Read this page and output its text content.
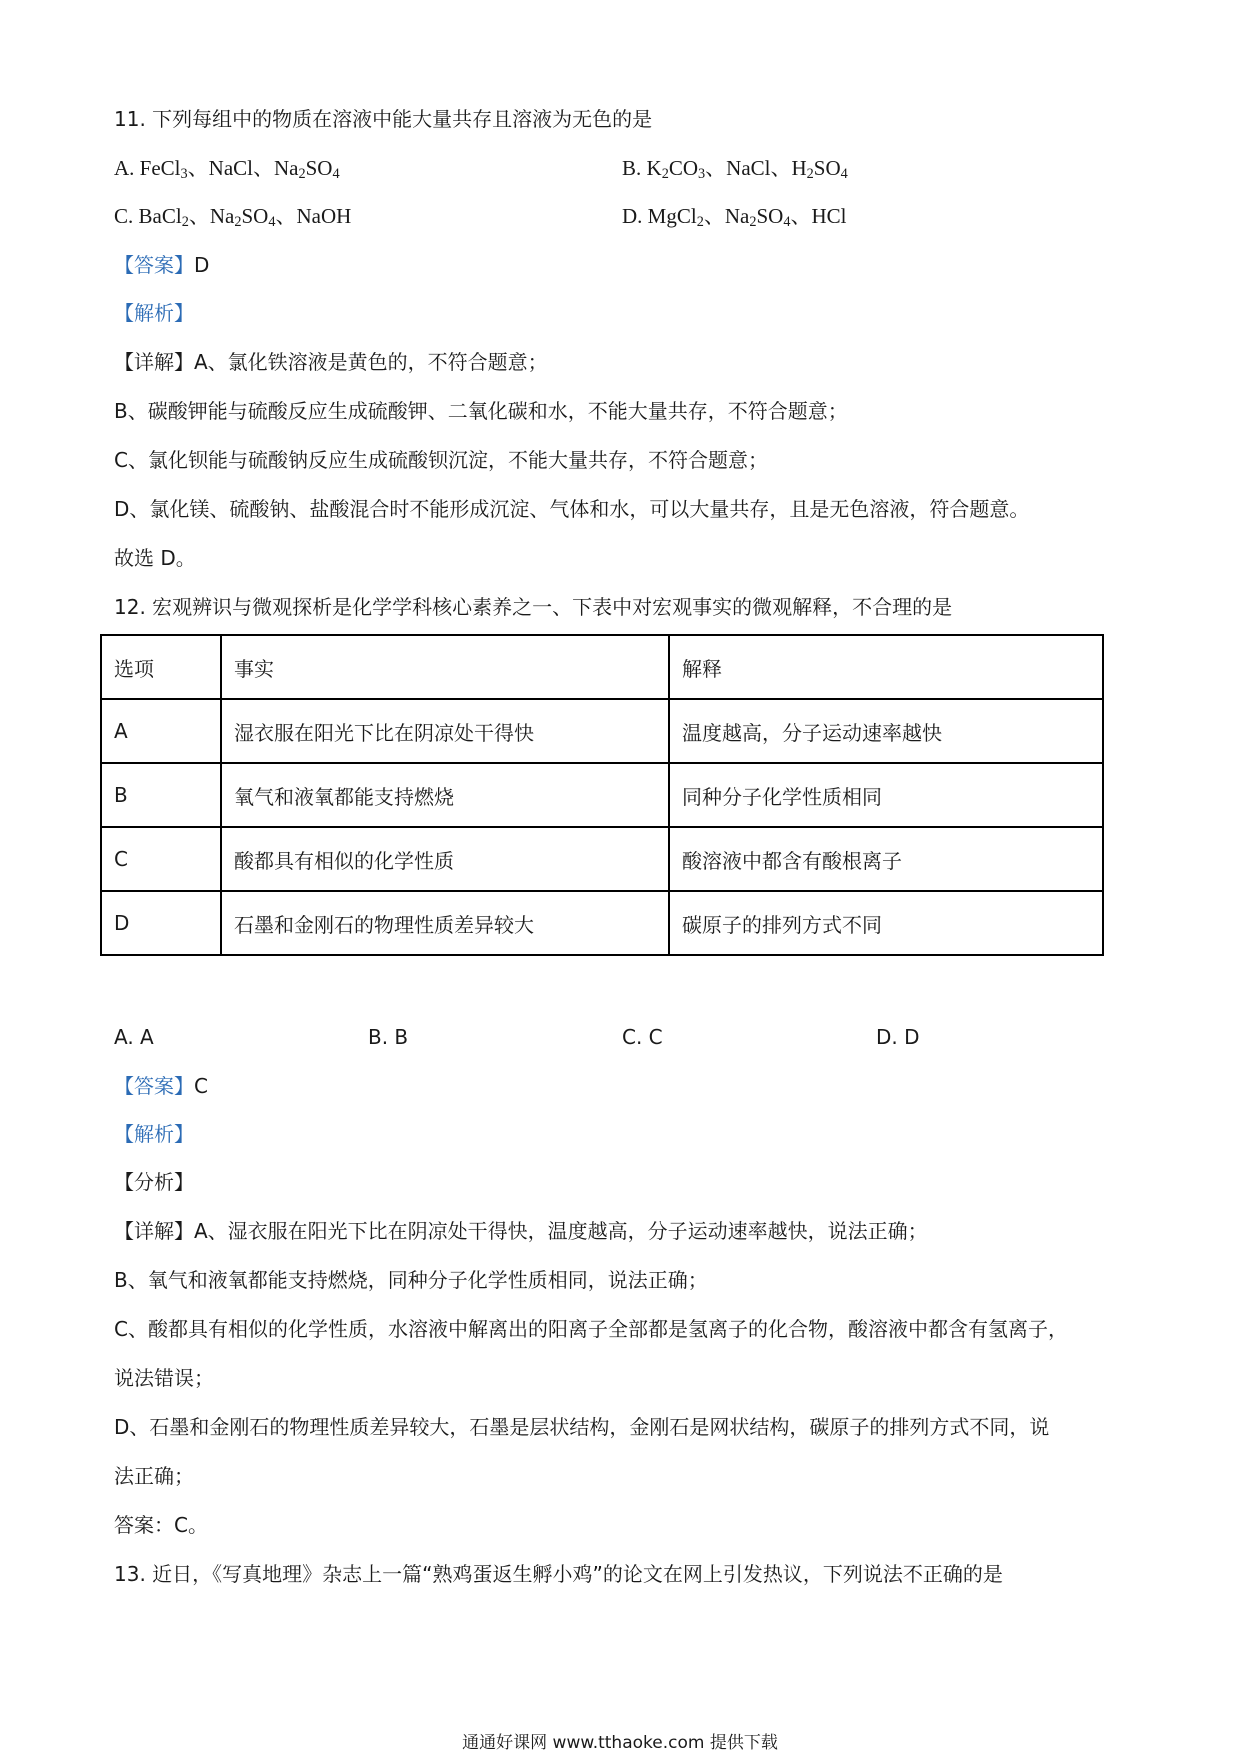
11. 下列每组中的物质在溶液中能大量共存且溶液为无色的是
A. FeCl$_3$、NaCl、$Na_2SO_4$	B. $K_2CO_3$、NaCl、$H_2SO_4$
C. BaCl$_2$、$Na_2SO_4$、NaOH	D. MgCl$_2$、$Na_2SO_4$、HCl
【答案】D
【解析】
【详解】A、氯化铁溶液是黄色的，不符合题意；
B、碳酸钾能与硫酸反应生成硫酸钾、二氧化碳和水，不能大量共存，不符合题意；
C、氯化钡能与硫酸钠反应生成硫酸钡沉淀，不能大量共存，不符合题意；
D、氯化镁、硫酸钠、盐酸混合时不能形成沉淀、气体和水，可以大量共存，且是无色溶液，符合题意。
故选 D。
12. 宏观辨识与微观探析是化学学科核心素养之一、下表中对宏观事实的微观解释，不合理的是
选项	事实	解释
A	湿衣服在阳光下比在阴凉处干得快	温度越高，分子运动速率越快
B	氧气和液氧都能支持燃烧	同种分子化学性质相同
C	酸都具有相似的化学性质	酸溶液中都含有酸根离子
D	石墨和金刚石的物理性质差异较大	碳原子的排列方式不同
A. A	B. B	C. C	D. D
【答案】C
【解析】
【分析】
【详解】A、湿衣服在阳光下比在阴凉处干得快，温度越高，分子运动速率越快，说法正确；
B、氧气和液氧都能支持燃烧，同种分子化学性质相同，说法正确；
C、酸都具有相似的化学性质，水溶液中解离出的阳离子全部都是氢离子的化合物，酸溶液中都含有氢离子，
说法错误；
D、石墨和金刚石的物理性质差异较大，石墨是层状结构，金刚石是网状结构，碳原子的排列方式不同，说
法正确；
答案：C。
13. 近日，《写真地理》杂志上一篇“熟鸡蛋返生孵小鸡”的论文在网上引发热议，下列说法不正确的是
通通好课网 www.tthaoke.com 提供下载
